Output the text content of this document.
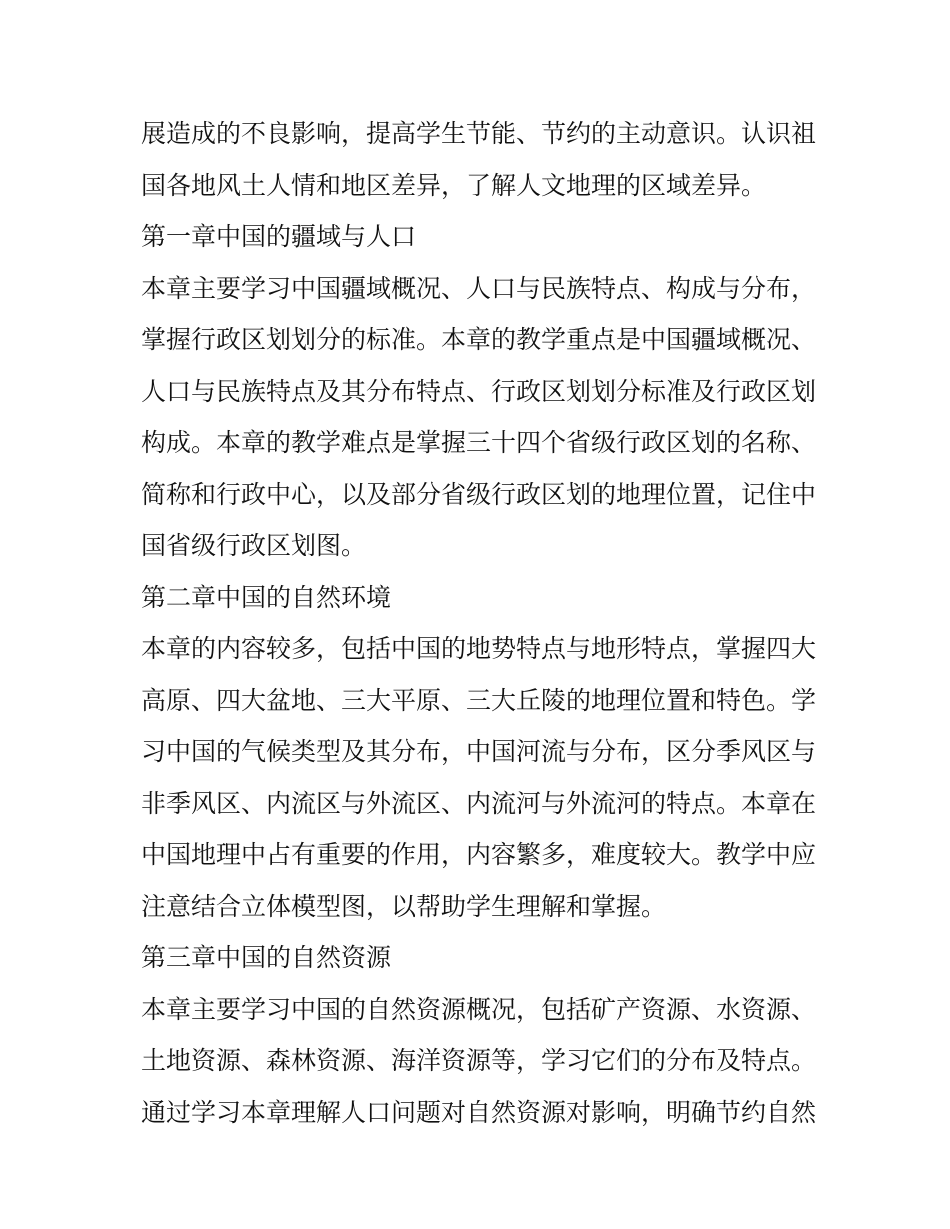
展造成的不良影响，提高学生节能、节约的主动意识。认识祖
国各地风土人情和地区差异，了解人文地理的区域差异。
第一章中国的疆域与人口
本章主要学习中国疆域概况、人口与民族特点、构成与分布，
掌握行政区划划分的标准。本章的教学重点是中国疆域概况、
人口与民族特点及其分布特点、行政区划划分标准及行政区划
构成。本章的教学难点是掌握三十四个省级行政区划的名称、
简称和行政中心，以及部分省级行政区划的地理位置，记住中
国省级行政区划图。
第二章中国的自然环境
本章的内容较多，包括中国的地势特点与地形特点，掌握四大
高原、四大盆地、三大平原、三大丘陵的地理位置和特色。学
习中国的气候类型及其分布，中国河流与分布，区分季风区与
非季风区、内流区与外流区、内流河与外流河的特点。本章在
中国地理中占有重要的作用，内容繁多，难度较大。教学中应
注意结合立体模型图，以帮助学生理解和掌握。
第三章中国的自然资源
本章主要学习中国的自然资源概况，包括矿产资源、水资源、
土地资源、森林资源、海洋资源等，学习它们的分布及特点。
通过学习本章理解人口问题对自然资源对影响，明确节约自然
